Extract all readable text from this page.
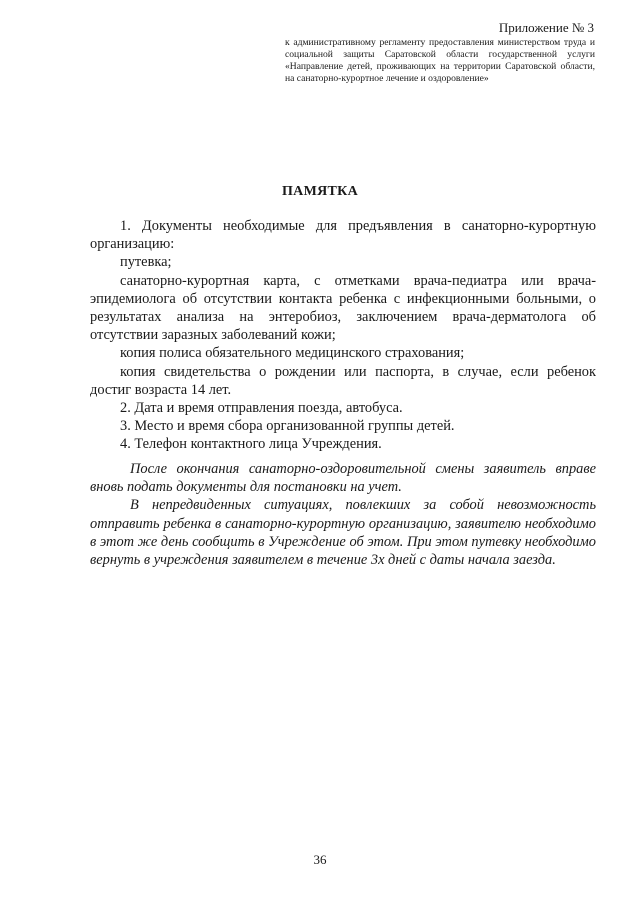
Приложение № 3
к административному регламенту предоставления министерством труда и социальной защиты Саратовской области государственной услуги «Направление детей, проживающих на территории Саратовской области, на санаторно-курортное лечение и оздоровление»
ПАМЯТКА

1. Документы необходимые для предъявления в санаторно-курортную организацию:

путевка;

санаторно-курортная карта, с отметками врача-педиатра или врача-эпидемиолога об отсутствии контакта ребенка с инфекционными больными, о результатах анализа на энтеробиоз, заключением врача-дерматолога об отсутствии заразных заболеваний кожи;

копия полиса обязательного медицинского страхования;

копия свидетельства о рождении или паспорта, в случае, если ребенок достиг возраста 14 лет.

2. Дата и время отправления поезда, автобуса.

3. Место и время сбора организованной группы детей.

4. Телефон контактного лица Учреждения.

После окончания санаторно-оздоровительной смены заявитель вправе вновь подать документы для постановки на учет.

В непредвиденных ситуациях, повлекших за собой невозможность отправить ребенка в санаторно-курортную организацию, заявителю необходимо в этот же день сообщить в Учреждение об этом. При этом путевку необходимо вернуть в учреждения заявителем в течение 3х дней с даты начала заезда.

36
